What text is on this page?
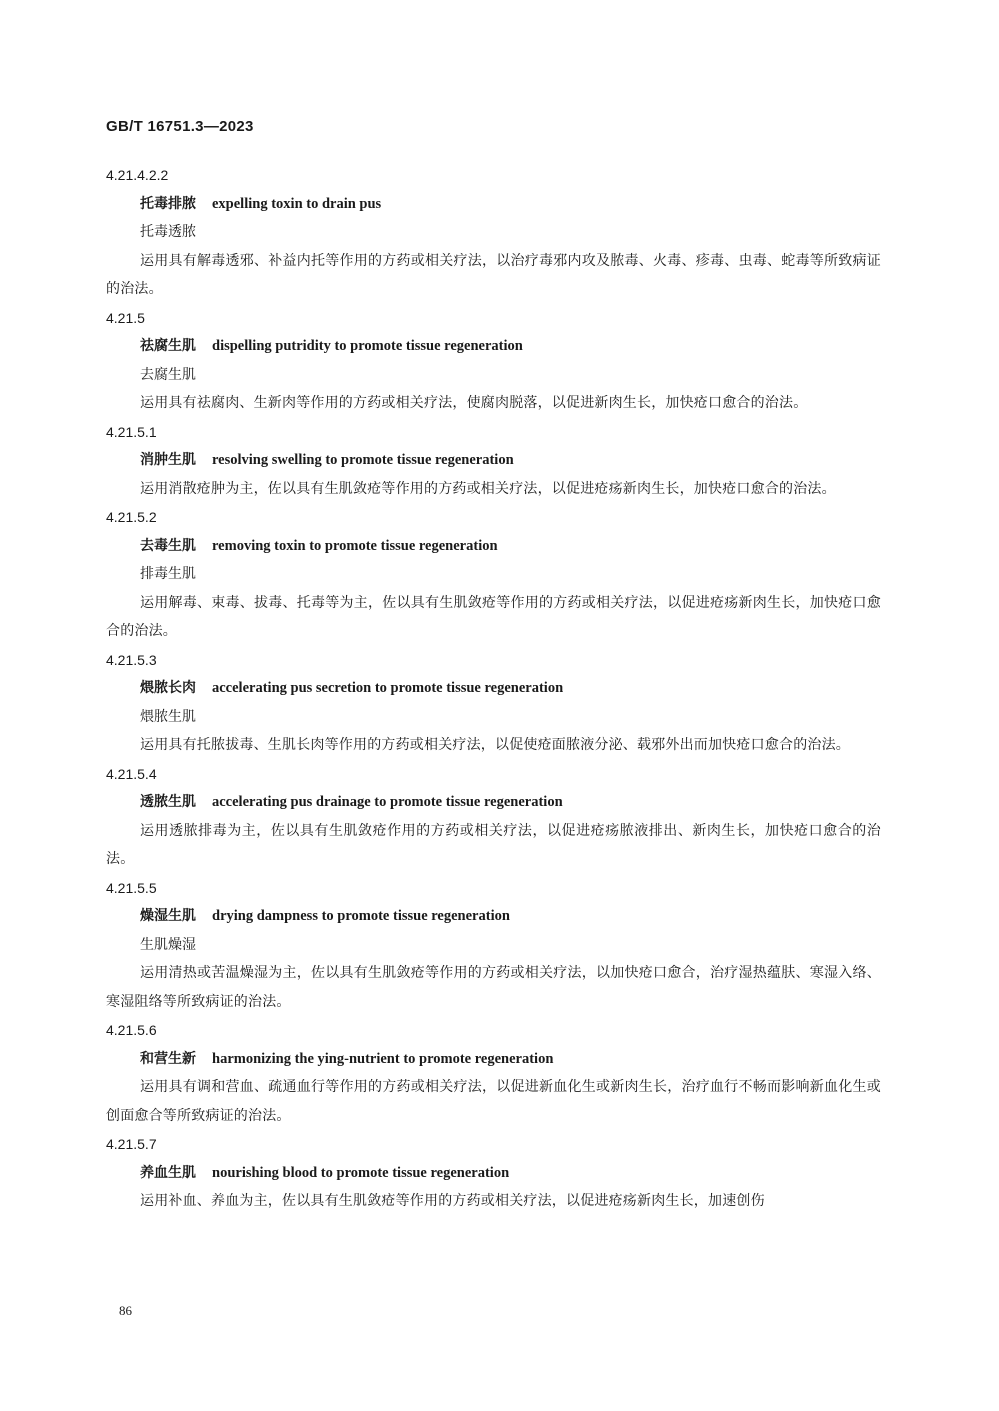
GB/T 16751.3—2023
4.21.4.2.2
托毒排脓 expelling toxin to drain pus
托毒透脓

运用具有解毒透邪、补益内托等作用的方药或相关疗法，以治疗毒邪内攻及脓毒、火毒、疹毒、虫毒、蛇毒等所致病证的治法。

4.21.5
祛腐生肌 dispelling putridity to promote tissue regeneration
去腐生肌

运用具有祛腐肉、生新肉等作用的方药或相关疗法，使腐肉脱落，以促进新肉生长，加快疮口愈合的治法。

4.21.5.1
消肿生肌 resolving swelling to promote tissue regeneration

运用消散疮肿为主，佐以具有生肌敛疮等作用的方药或相关疗法，以促进疮疡新肉生长，加快疮口愈合的治法。

4.21.5.2
去毒生肌 removing toxin to promote tissue regeneration
排毒生肌

运用解毒、束毒、拔毒、托毒等为主，佐以具有生肌敛疮等作用的方药或相关疗法，以促进疮疡新肉生长，加快疮口愈合的治法。

4.21.5.3
煨脓长肉 accelerating pus secretion to promote tissue regeneration
煨脓生肌

运用具有托脓拔毒、生肌长肉等作用的方药或相关疗法，以促使疮面脓液分泌、载邪外出而加快疮口愈合的治法。

4.21.5.4
透脓生肌 accelerating pus drainage to promote tissue regeneration

运用透脓排毒为主，佐以具有生肌敛疮作用的方药或相关疗法，以促进疮疡脓液排出、新肉生长，加快疮口愈合的治法。

4.21.5.5
燥湿生肌 drying dampness to promote tissue regeneration
生肌燥湿

运用清热或苦温燥湿为主，佐以具有生肌敛疮等作用的方药或相关疗法，以加快疮口愈合，治疗湿热蕴肤、寒湿入络、寒湿阻络等所致病证的治法。

4.21.5.6
和营生新 harmonizing the ying-nutrient to promote regeneration

运用具有调和营血、疏通血行等作用的方药或相关疗法，以促进新血化生或新肉生长，治疗血行不畅而影响新血化生或创面愈合等所致病证的治法。

4.21.5.7
养血生肌 nourishing blood to promote tissue regeneration

运用补血、养血为主，佐以具有生肌敛疮等作用的方药或相关疗法，以促进疮疡新肉生长，加速创伤

86
